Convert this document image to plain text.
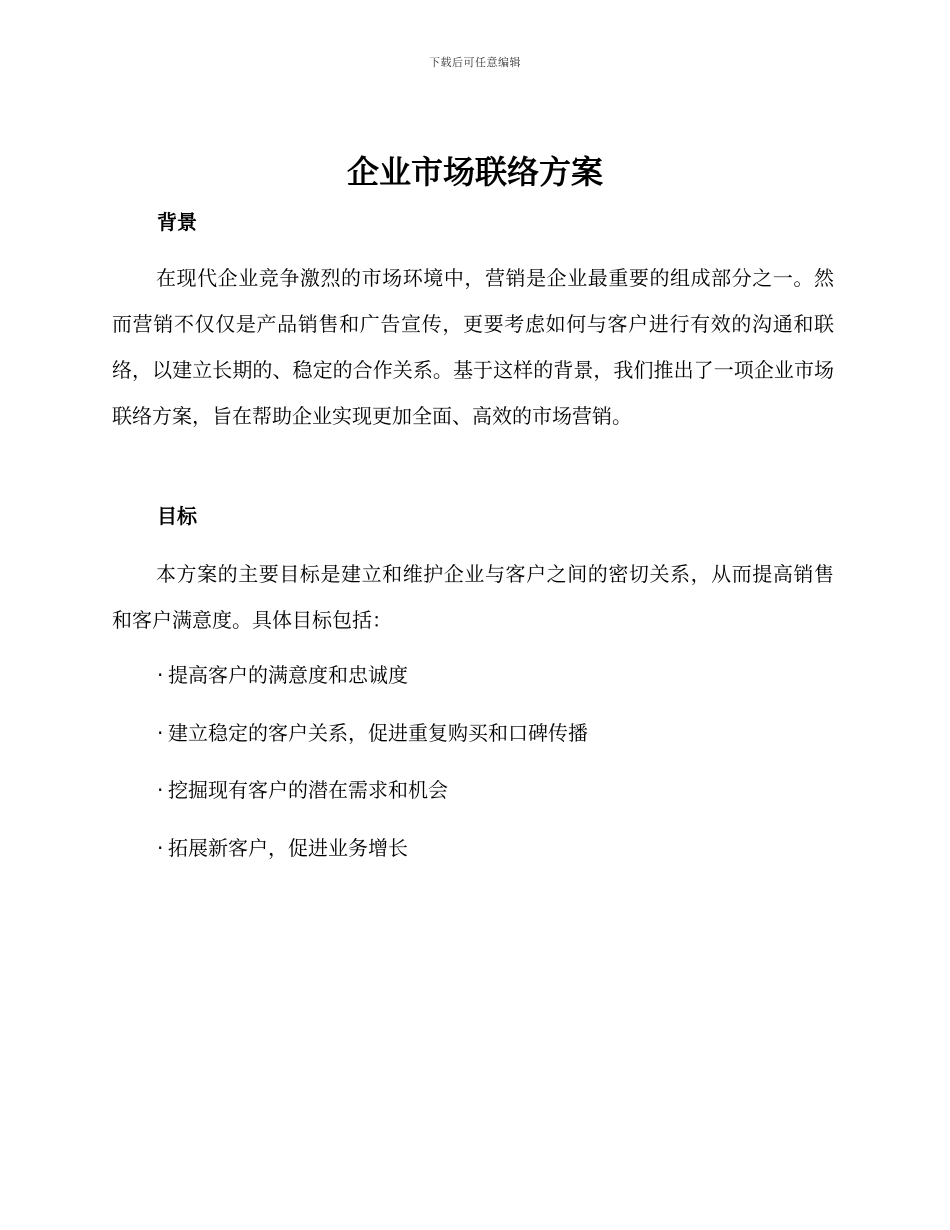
下载后可任意编辑
企业市场联络方案
背景

在现代企业竞争激烈的市场环境中，营销是企业最重要的组成部分之一。然而营销不仅仅是产品销售和广告宣传，更要考虑如何与客户进行有效的沟通和联络，以建立长期的、稳定的合作关系。基于这样的背景，我们推出了一项企业市场联络方案，旨在帮助企业实现更加全面、高效的市场营销。

目标

本方案的主要目标是建立和维护企业与客户之间的密切关系，从而提高销售和客户满意度。具体目标包括：

· 提高客户的满意度和忠诚度
· 建立稳定的客户关系，促进重复购买和口碑传播
· 挖掘现有客户的潜在需求和机会
· 拓展新客户，促进业务增长
